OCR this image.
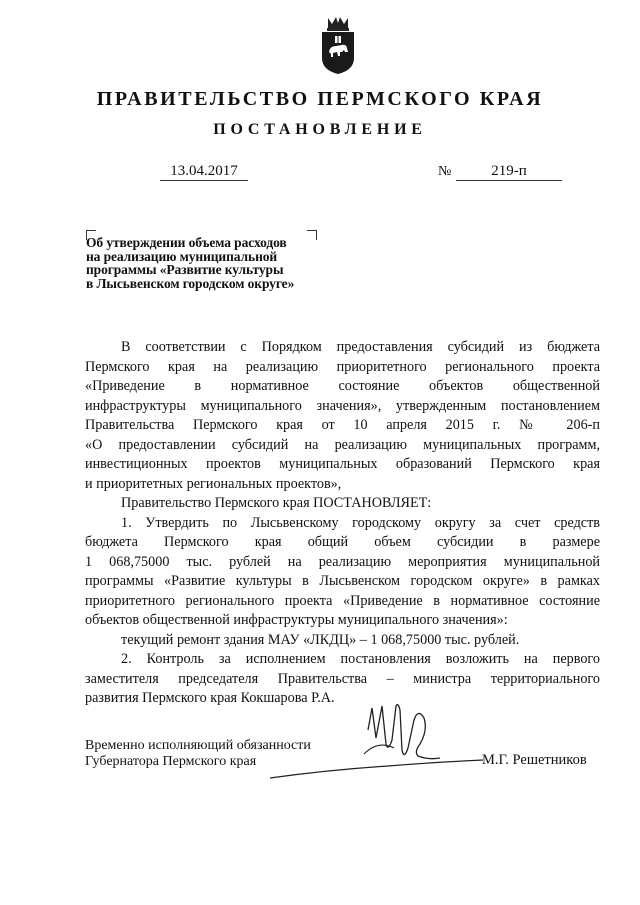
ПРАВИТЕЛЬСТВО ПЕРМСКОГО КРАЯ
ПОСТАНОВЛЕНИЕ
13.04.2017	№	219-п
Об утверждении объема расходов
на реализацию муниципальной
программы «Развитие культуры
в Лысьвенском городском округе»
В соответствии с Порядком предоставления субсидий из бюджета
Пермского края на реализацию приоритетного регионального проекта
«Приведение в нормативное состояние объектов общественной
инфраструктуры муниципального значения», утвержденным постановлением
Правительства Пермского края от 10 апреля 2015 г. № 206-п
«О предоставлении субсидий на реализацию муниципальных программ,
инвестиционных проектов муниципальных образований Пермского края
и приоритетных региональных проектов»,
Правительство Пермского края ПОСТАНОВЛЯЕТ:
1. Утвердить по Лысьвенскому городскому округу за счет средств
бюджета Пермского края общий объем субсидии в размере
1 068,75000 тыс. рублей на реализацию мероприятия муниципальной
программы «Развитие культуры в Лысьвенском городском округе» в рамках
приоритетного регионального проекта «Приведение в нормативное состояние
объектов общественной инфраструктуры муниципального значения»:
текущий ремонт здания МАУ «ЛКДЦ» – 1 068,75000 тыс. рублей.
2. Контроль за исполнением постановления возложить на первого
заместителя председателя Правительства – министра территориального
развития Пермского края Кокшарова Р.А.
Временно исполняющий обязанности
Губернатора Пермского края	М.Г. Решетников
